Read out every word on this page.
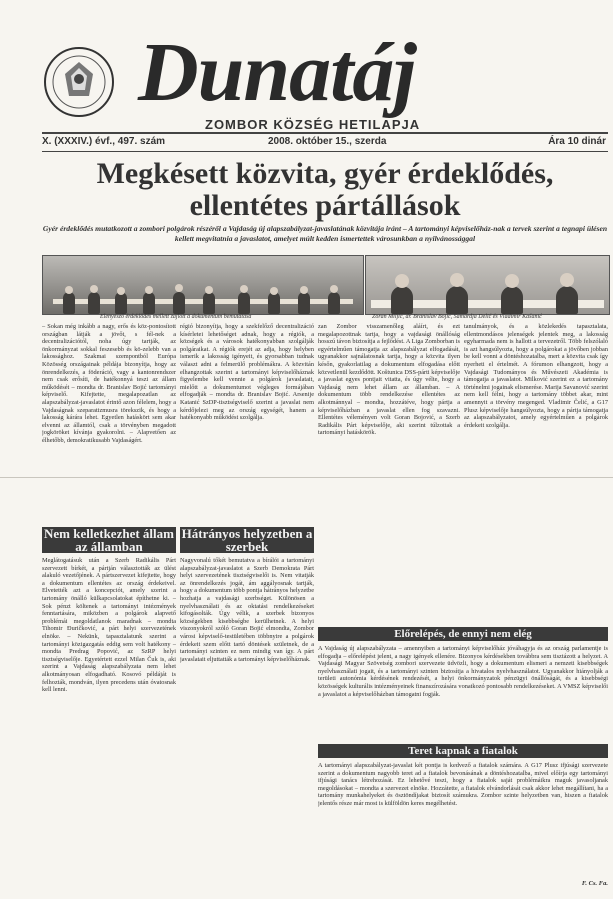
Dunatáj
ZOMBOR KÖZSÉG HETILAPJA
X. (XXXIV.) évf., 497. szám	2008. október 15., szerda	Ára 10 dinár
Megkésett közvita, gyér érdeklődés, ellentétes pártállások
Gyér érdeklődés mutatkozott a zombori polgárok részéről a Vajdaság új alapszabályzat-javaslatának közvitája iránt – A tartományi képviselőház-nak a tervek szerint a tegnapi ülésen kellett megvitatnia a javaslatot, amelyet múlt kedden ismertettek városunkban a nyilvánossággal
Elenyésző érdeklődés mellett zajlott a dokumentum bemutatása	Zoran Miljić, dr. Branislav Bojić, Samardja Delić és Vladimir Kašanić
– Sokan még inkább a nagy, erős és köz-pontosított országban látják a jövőt, s fél-nek a decentralizációtól, noha úgy tartják, az önkormányzat sokkal feszesebb és kö-zelebb van a lakossághoz. Szakmai szempontból Európa Közösség országainak példája bizonyítja, hogy az önrendelkezés, a föderáció, vagy a kantonrendszer nem csak erősíti, de hatékonnyá teszi az állam működését – mondta dr. Branislav Bojić tartományi képviselő. Kifejtette, megalapozatlan az alapszabályzat-javaslatot érintő azon félelem, hogy a Vajdaságnak szeparatizmusra törekszik, és hogy a lakosság kárára lehet. Egyetlen hatáskört sem akar elvenni az államtól, csak a törvényben megadott jogköröket kívánja gyakorolni. – Alapvetően az élhetőbb, demokratikusabb Vajdaságért.
régió bizonyítja, hogy a szekfelőző decentralizáció kísérletei lehetőséget adnak, hogy a régiók, a községek és a városok hatékonyabban szolgálják polgáraikat. A régiók erejét az adja, hogy helyben ismerik a lakosság igényeit, és gyorsabban tudnak választ adni a felmerülő problémákra. A közvitán elhangzottak szerint a tartományi képviselőháznak figyelembe kell vennie a polgárok javaslatait, mielőtt a dokumentumot végleges formájában elfogadják – mondta dr. Branislav Bojić. Arsenije Katanić SzDP-tisztségviselő szerint a javaslat nem kérdőjelezi meg az ország egységét, hanem a hatékonyabb működést szolgálja.
zan Zombor visszamenőleg aláírt, és ezt megalapozottnak tartja, hogy a vajdasági önállóság hosszú távon biztosítja a fejlődést. A Liga Zomborban is egyértelműen támogatja az alapszabályzat elfogadását, ugyanakkor sajnálatosnak tartja, hogy a közvita ilyen későn, gyakorlatilag a dokumentum elfogadása előtt közvetlenül kezdődött. Koštunica DSS-párti képviselője a javaslat egyes pontjait vitatta, és úgy vélte, hogy a Vajdaság nem lehet állam az államban. – A dokumentum több rendelkezése ellentétes az alkotmánnyal – mondta, hozzátéve, hogy pártja a képviselőházban a javaslat ellen fog szavazni. Ellentétes véleményen volt Goran Bojović, a Szerb Radikális Párt képviselője, aki szerint túlzottak a tartományi hatáskörök.
tanulmányok, és a közlekedés tapasztalata, ellentmondásos jelenségek jelentek meg, a lakosság egyharmada nem is hallott a tervezetről. Több felszólaló is azt hangsúlyozta, hogy a polgárokat a jövőben jobban be kell vonni a döntéshozatalba, mert a közvita csak így nyerheti el értelmét. A fórumon elhangzott, hogy a Vajdasági Tudományos és Művészeti Akadémia is támogatja a javaslatot. Milković szerint ez a tartomány történelmi jogainak elismerése. Marija Savanović szerint nem kell félni, hogy a tartomány többet akar, mint amennyit a törvény megenged. Vladimir Čelić, a G17 Plusz képviselője hangsúlyozta, hogy a pártja támogatja az alapszabályzatot, amely egyértelműen a polgárok érdekeit szolgálja.
Nem kelletkezhet állam az államban
Meglátogatásuk után a Szerb Radikális Párt szervezett bírkét, a pártján választották az ülést alakuló vezetőjének. A pártszervezet kifejtette, hogy a dokumentum ellentétes az ország érdekeivel. Elvetették azt a koncepciót, amely szerint a tartomány önálló külkapcsolatokat építhetne ki. – Sok pénzt költenek a tartományi intézmények fenntartására, miközben a polgárok alapvető problémái megoldatlanok maradnak – mondta Tihomir Đuričković, a párt helyi szervezetének elnöke. – Nekünk, tapasztalatunk szerint a tartományi közigazgatás eddig sem volt hatékony – mondta Predrag Popović, az SzRP helyi tisztségviselője. Egyetértett ezzel Milan Čuk is, aki szerint a Vajdaság alapszabályzata nem lehet alkotmányosan elfogadható. Kosovó példáját is felhozták, mondván, ilyen precedens után óvatosnak kell lenni.
Hátrányos helyzetben a szerbek
Nagyvonalú tőkét bemutatva a bírálói a tartományi alapszabályzat-javaslatot a Szerb Demokrata Párt helyi szervezetének tisztségviselői is. Nem vitatják az önrendelkezés jogát, ám aggályosnak tartják, hogy a dokumentum több pontja hátrányos helyzetbe hozhatja a vajdasági szerbséget. Különösen a nyelvhasználati és az oktatási rendelkezéseket kifogásolták. Úgy vélik, a szerbek bizonyos községekben kisebbségbe kerülhetnek. A helyi viszonyokról szóló Goran Bojić elmondta, Zombor városi képviselő-testületében többnyire a polgárok érdekeit szem előtt tartó döntések születnek, de a tartományi szinten ez nem mindig van így. A párt javaslatait eljuttatták a tartományi képviselőháznak.
Előrelépés, de ennyi nem elég
A Vajdaság új alapszabályzata – amennyiben a tartományi képviselőház jóváhagyja és az ország parlamentje is elfogadja – előrelépést jelent, a nagy igények ellenére. Bizonyos kérdésekben továbbra sem tisztázott a helyzet. A Vajdasági Magyar Szövetség zombori szervezete üdvözli, hogy a dokumentum elismeri a nemzeti kisebbségek nyelvhasználati jogait, és a tartományi szinten biztosítja a hivatalos nyelvhasználatot. Ugyanakkor hiányolják a területi autonómia kérdésének rendezését, a helyi önkormányzatok pénzügyi önállóságát, és a kisebbségi közösségek kulturális intézményeinek finanszírozására vonatkozó pontosabb rendelkezéseket. A VMSZ képviselői a javaslatot a képviselőházban támogatni fogják.
Teret kapnak a fiatalok
A tartományi alapszabályzat-javaslat két pontja is kedvező a fiatalok számára. A G17 Plusz ifjúsági szervezete szerint a dokumentum nagyobb teret ad a fiatalok bevonásának a döntéshozatalba, mivel előírja egy tartományi ifjúsági tanács létrehozását. Ez lehetővé teszi, hogy a fiatalok saját problémáikra maguk javasoljanak megoldásokat – mondta a szervezet elnöke. Hozzátette, a fiatalok elvándorlását csak akkor lehet megállítani, ha a tartomány munkahelyeket és ösztöndíjakat biztosít számukra. Zombor szinte helyzetben van, hiszen a fiatalok jelentős része már most is külföldön keres megélhetést.
F. Cs. Fa.
